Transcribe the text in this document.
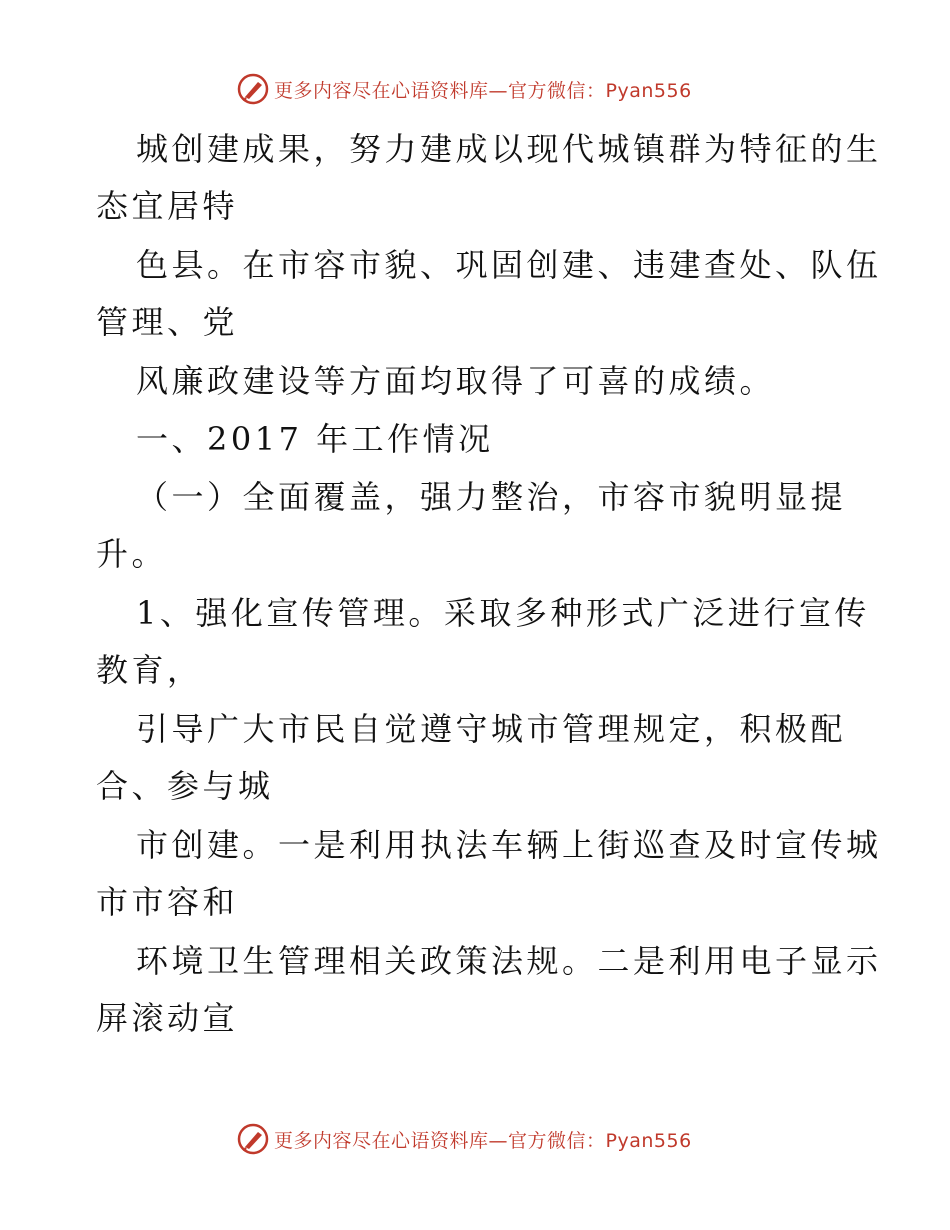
更多内容尽在心语资料库 —官方微信：Pyan556
城创建成果，努力建成以现代城镇群为特征的生
态宜居特
色县。在市容市貌、巩固创建、违建查处、队伍
管理、党
风廉政建设等方面均取得了可喜的成绩。
一、2017 年工作情况
（一）全面覆盖，强力整治，市容市貌明显提
升。
1、强化宣传管理。采取多种形式广泛进行宣传
教育，
引导广大市民自觉遵守城市管理规定，积极配
合、参与城
市创建。一是利用执法车辆上街巡查及时宣传城
市市容和
环境卫生管理相关政策法规。二是利用电子显示
屏滚动宣
更多内容尽在心语资料库 —官方微信：Pyan556
